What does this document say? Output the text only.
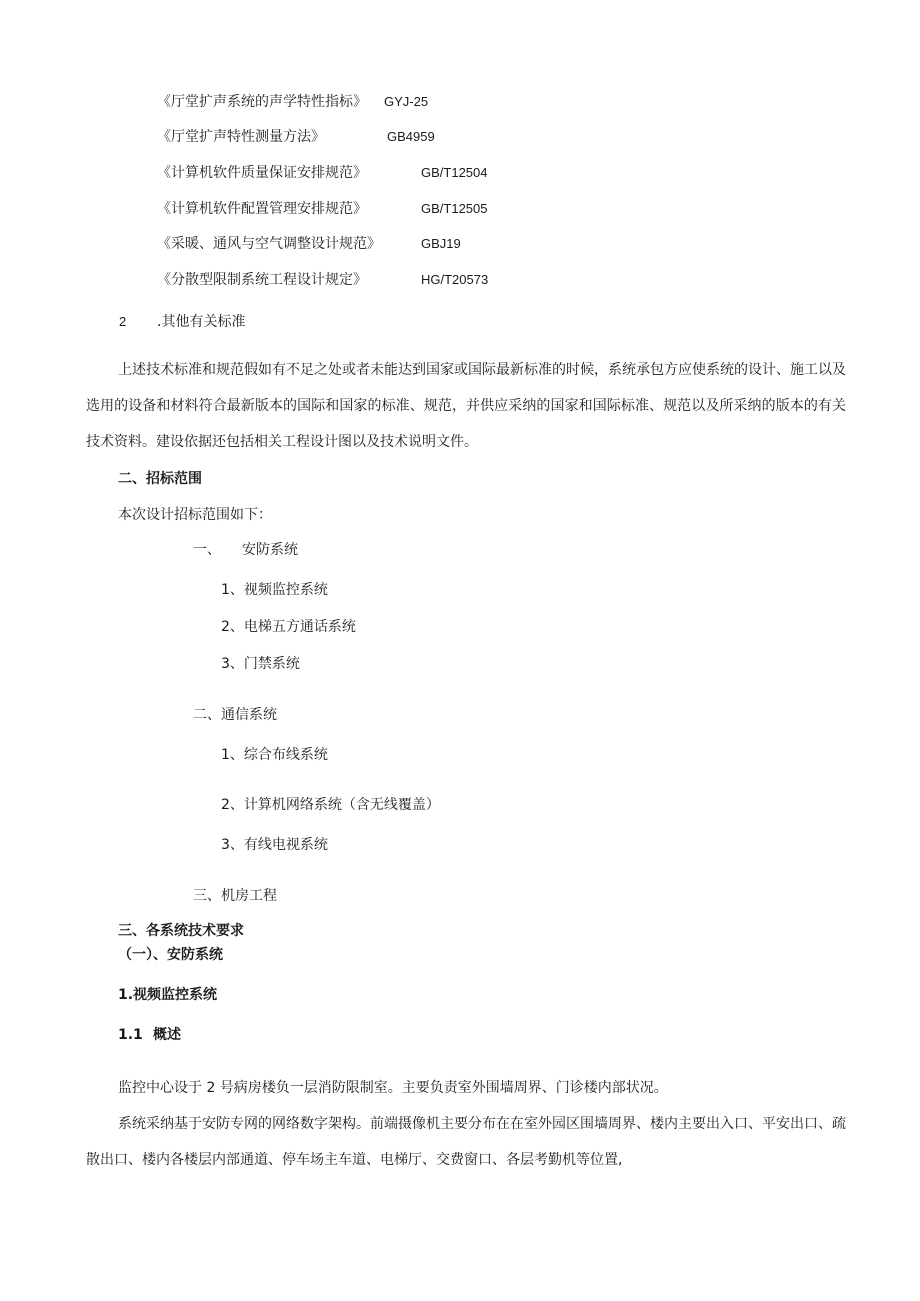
《厅堂扩声系统的声学特性指标》 GYJ-25
《厅堂扩声特性测量方法》	GB4959
《计算机软件质量保证安排规范》	GB/T12504
《计算机软件配置管理安排规范》	GB/T12505
《采暖、通风与空气调整设计规范》	GBJ19
《分散型限制系统工程设计规定》	HG/T20573
2 .其他有关标准
上述技术标准和规范假如有不足之处或者未能达到国家或国际最新标准的时候，系统承包方应使系统的设计、施工以及选用的设备和材料符合最新版本的国际和国家的标准、规范，并供应采纳的国家和国际标准、规范以及所采纳的版本的有关技术资料。建设依据还包括相关工程设计图以及技术说明文件。
二、招标范围
本次设计招标范围如下：
一、 安防系统
1、视频监控系统
2、电梯五方通话系统
3、门禁系统
二、通信系统
1、综合布线系统
2、计算机网络系统（含无线覆盖）
3、有线电视系统
三、机房工程
三、各系统技术要求
（一）、安防系统
1.视频监控系统
1.1 概述
监控中心设于 2 号病房楼负一层消防限制室。主要负责室外围墙周界、门诊楼内部状况。
系统采纳基于安防专网的网络数字架构。前端摄像机主要分布在在室外园区围墙周界、楼内主要出入口、平安出口、疏散出口、楼内各楼层内部通道、停车场主车道、电梯厅、交费窗口、各层考勤机等位置,
